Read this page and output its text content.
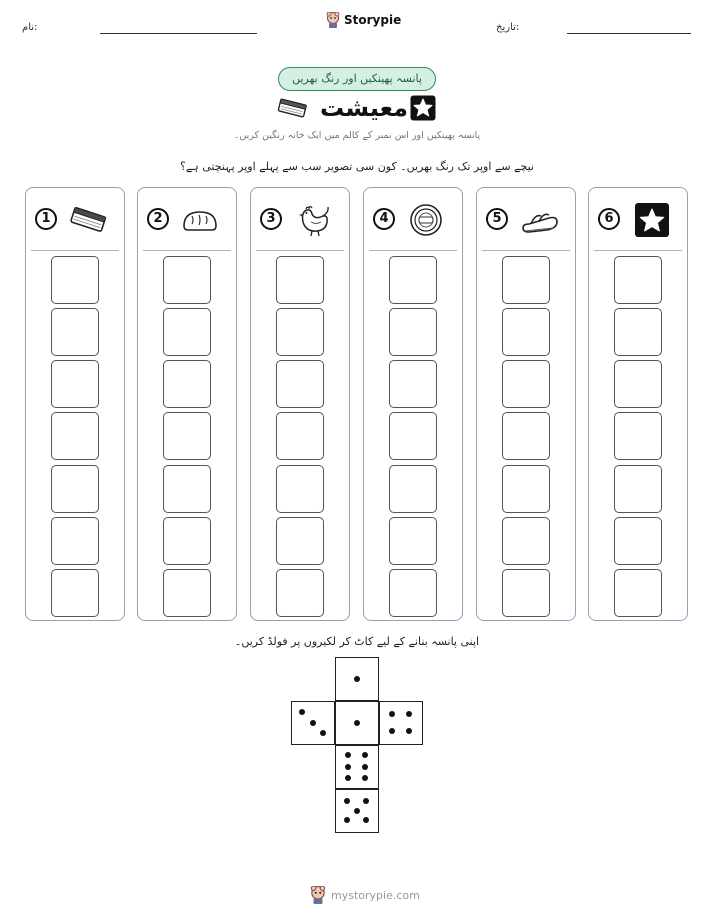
نام:
Storypie
تاریخ:
پانسہ پھینکیں اور رنگ بھریں
معیشت
پانسہ پھینکیں اور اس نمبر کے کالم میں ایک خانہ رنگین کریں۔
نیچے سے اوپر تک رنگ بھریں۔ کون سی تصویر سب سے پہلے اوپر پہنچتی ہے؟
1	2	3	4	5	6
اپنی پانسہ بنانے کے لیے کاٹ کر لکیروں پر فولڈ کریں۔
mystorypie.com
